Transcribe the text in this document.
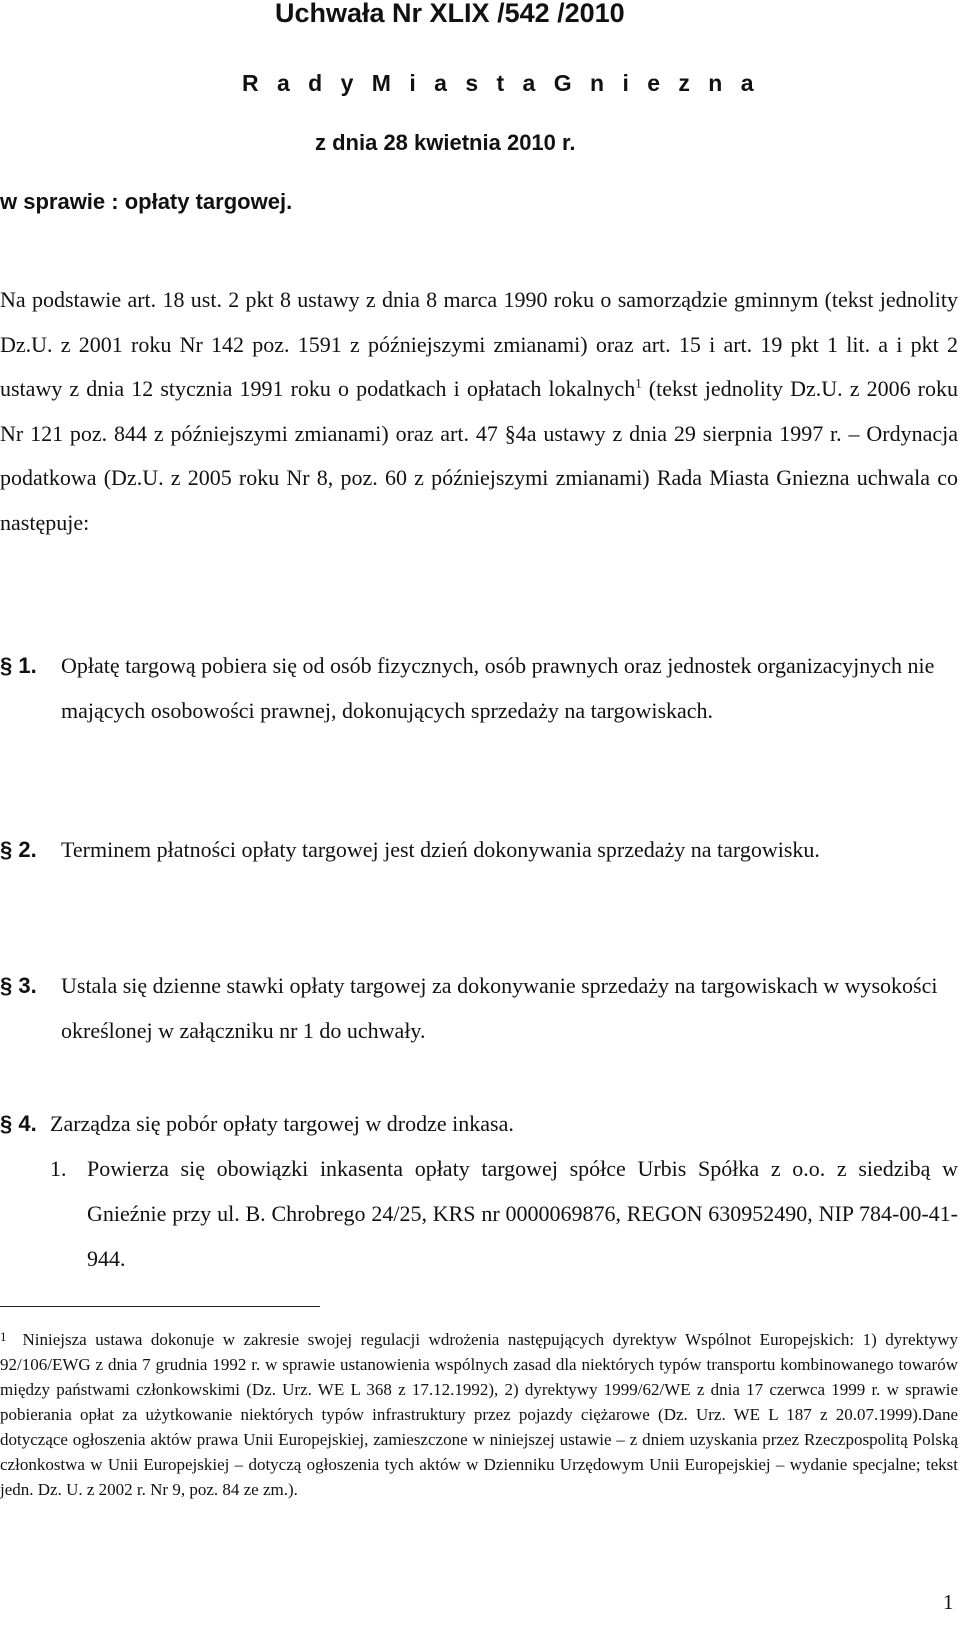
Uchwała Nr XLIX /542 /2010
R a d y M i a s t a G n i e z n a
z dnia 28 kwietnia 2010 r.
w sprawie : opłaty targowej.
Na podstawie art. 18 ust. 2 pkt 8 ustawy z dnia 8 marca 1990 roku o samorządzie gminnym (tekst jednolity Dz.U. z 2001 roku Nr 142 poz. 1591 z późniejszymi zmianami) oraz art. 15 i art. 19 pkt 1 lit. a i pkt 2 ustawy z dnia 12 stycznia 1991 roku o podatkach i opłatach lokalnych$^1$ (tekst jednolity Dz.U. z 2006 roku Nr 121 poz. 844 z późniejszymi zmianami) oraz art. 47 §4a ustawy z dnia 29 sierpnia 1997 r. – Ordynacja podatkowa (Dz.U. z 2005 roku Nr 8, poz. 60 z późniejszymi zmianami) Rada Miasta Gniezna uchwala co następuje:
§ 1. Opłatę targową pobiera się od osób fizycznych, osób prawnych oraz jednostek organizacyjnych nie mających osobowości prawnej, dokonujących sprzedaży na targowiskach.
§ 2. Terminem płatności opłaty targowej jest dzień dokonywania sprzedaży na targowisku.
§ 3. Ustala się dzienne stawki opłaty targowej za dokonywanie sprzedaży na targowiskach w wysokości określonej w załączniku nr 1 do uchwały.
§ 4. Zarządza się pobór opłaty targowej w drodze inkasa.
1. Powierza się obowiązki inkasenta opłaty targowej spółce Urbis Spółka z o.o. z siedzibą w Gnieźnie przy ul. B. Chrobrego 24/25, KRS nr 0000069876, REGON 630952490, NIP 784-00-41-944.
$^1$ Niniejsza ustawa dokonuje w zakresie swojej regulacji wdrożenia następujących dyrektyw Wspólnot Europejskich: 1) dyrektywy 92/106/EWG z dnia 7 grudnia 1992 r. w sprawie ustanowienia wspólnych zasad dla niektórych typów transportu kombinowanego towarów między państwami członkowskimi (Dz. Urz. WE L 368 z 17.12.1992), 2) dyrektywy 1999/62/WE z dnia 17 czerwca 1999 r. w sprawie pobierania opłat za użytkowanie niektórych typów infrastruktury przez pojazdy ciężarowe (Dz. Urz. WE L 187 z 20.07.1999).Dane dotyczące ogłoszenia aktów prawa Unii Europejskiej, zamieszczone w niniejszej ustawie – z dniem uzyskania przez Rzeczpospolitą Polską członkostwa w Unii Europejskiej – dotyczą ogłoszenia tych aktów w Dzienniku Urzędowym Unii Europejskiej – wydanie specjalne; tekst jedn. Dz. U. z 2002 r. Nr 9, poz. 84 ze zm.).
1
